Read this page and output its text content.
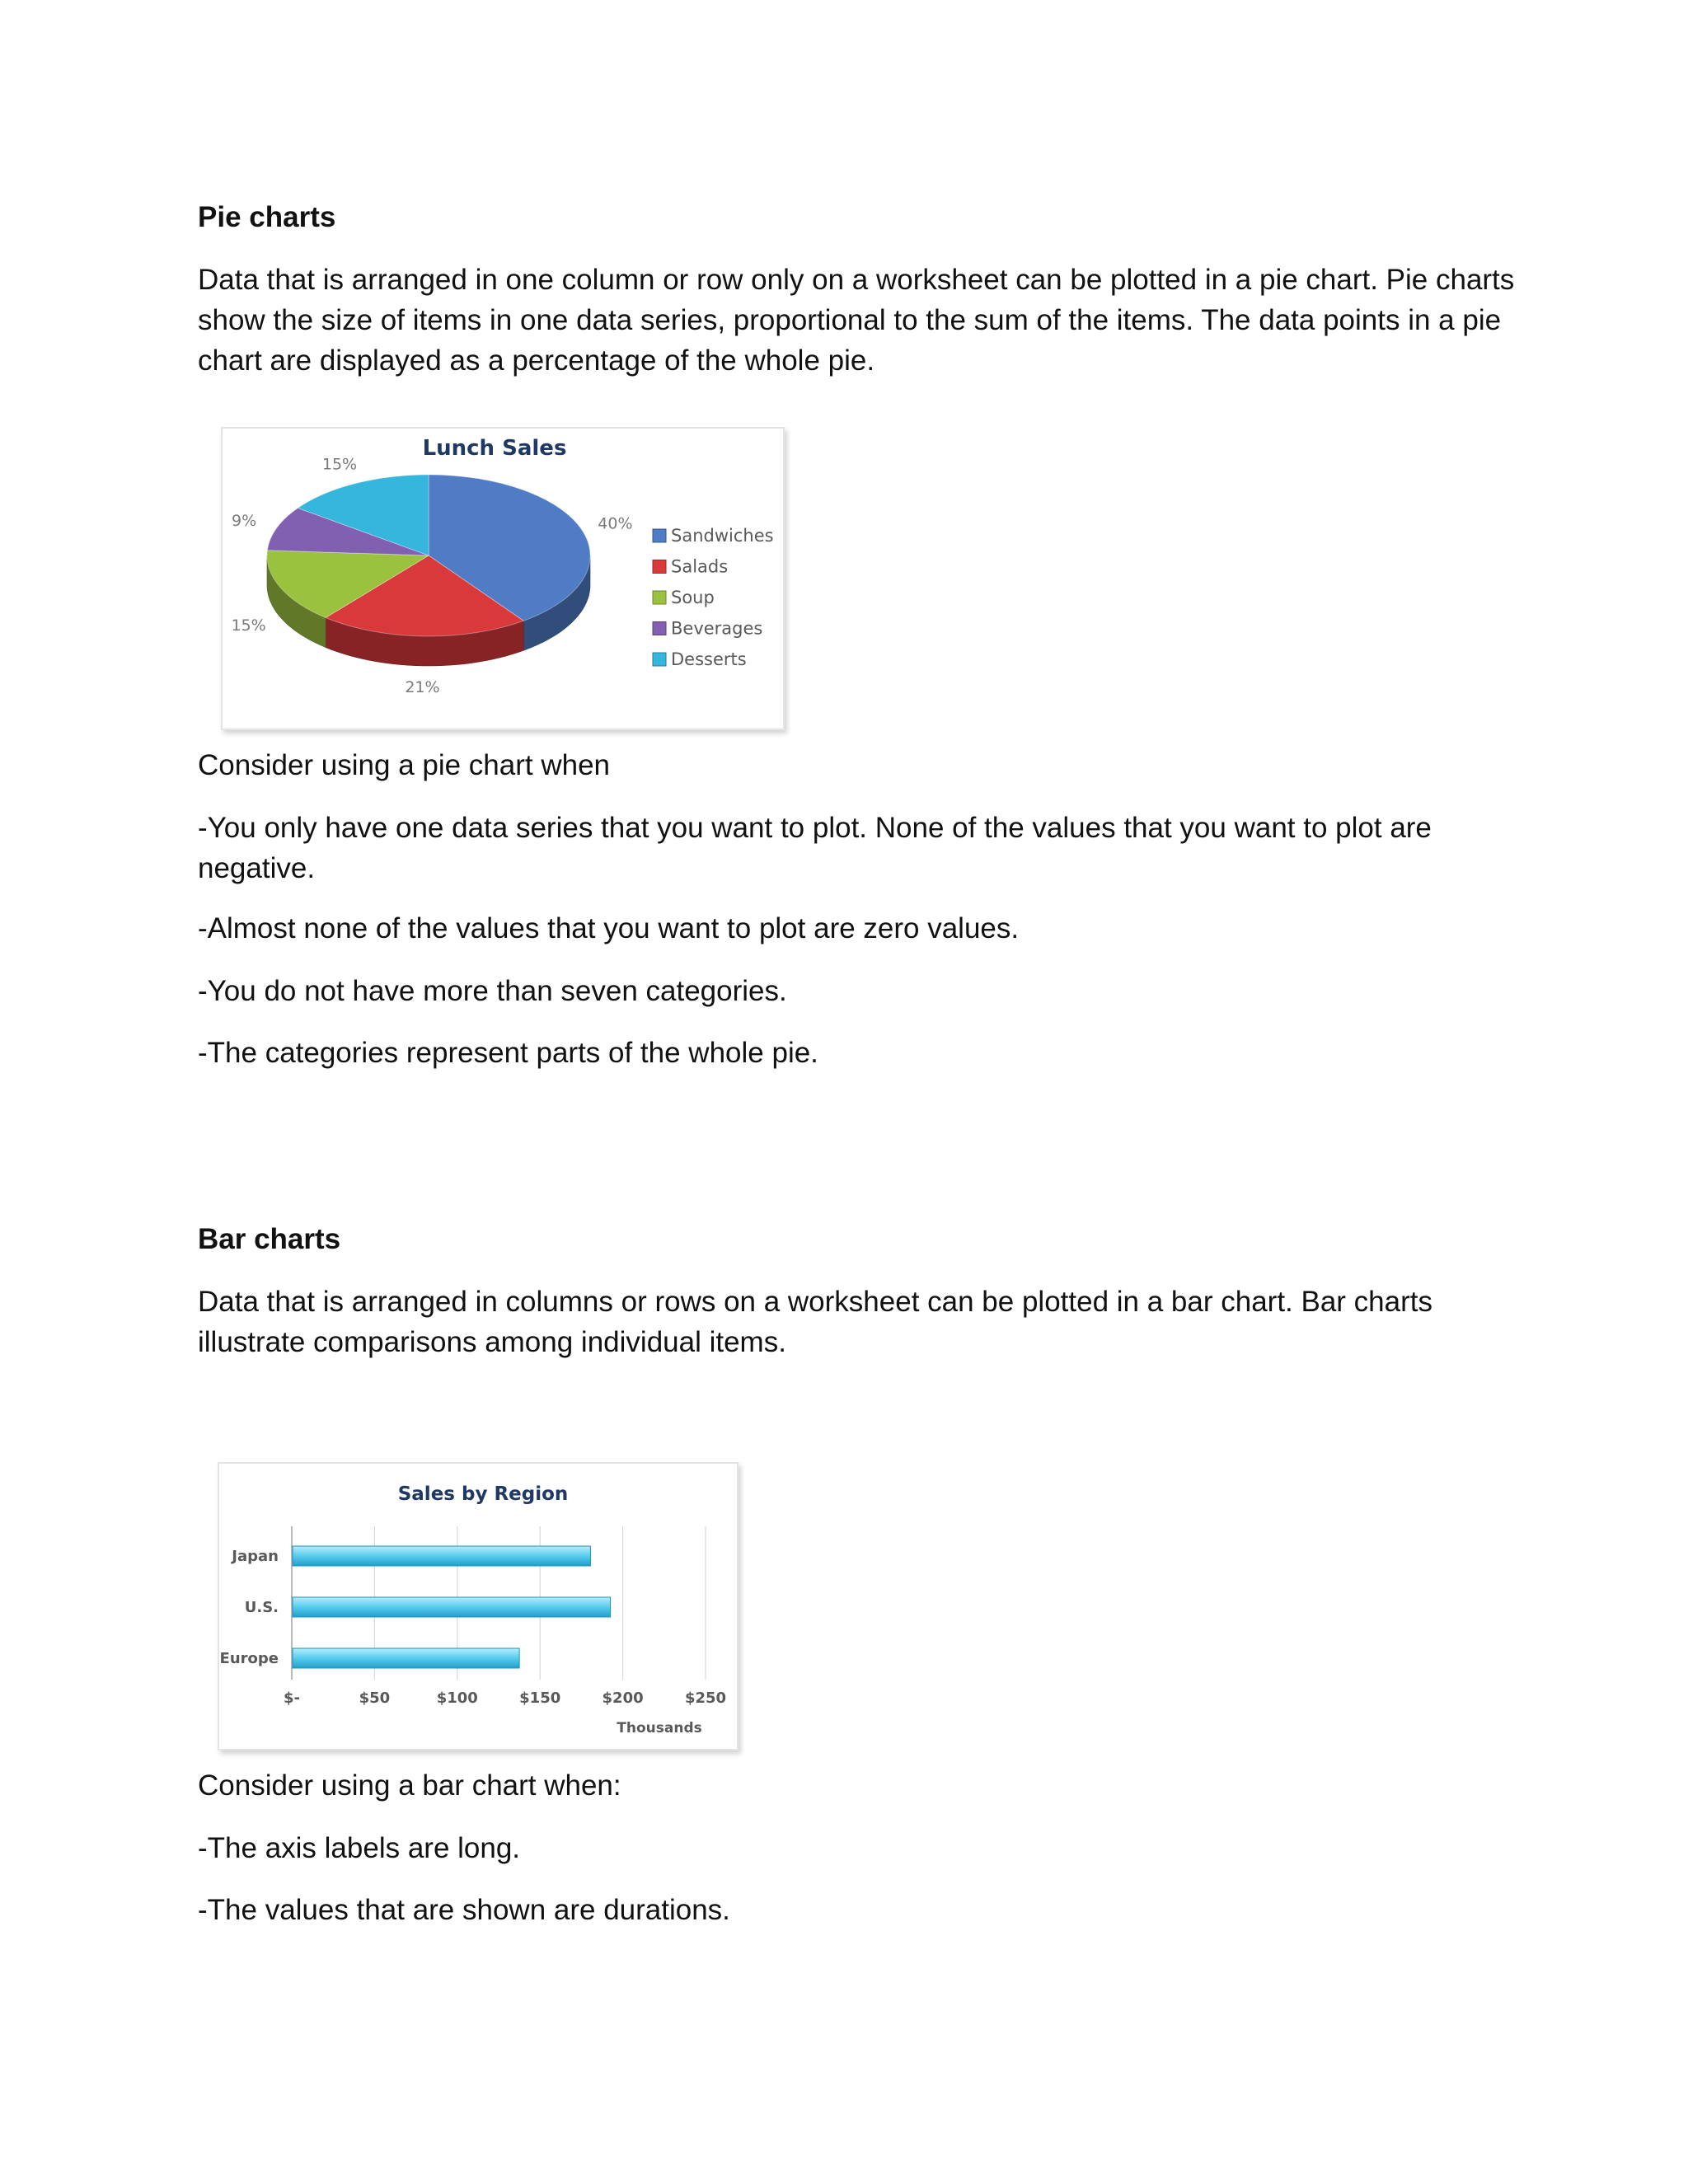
Pie charts

Data that is arranged in one column or row only on a worksheet can be plotted in a pie chart. Pie charts show the size of items in one data series, proportional to the sum of the items. The data points in a pie chart are displayed as a percentage of the whole pie.

Lunch Sales
40%
21%
15%
9%
15%
Sandwiches
Salads
Soup
Beverages
Desserts

Consider using a pie chart when

-You only have one data series that you want to plot. None of the values that you want to plot are negative.

-Almost none of the values that you want to plot are zero values.

-You do not have more than seven categories.

-The categories represent parts of the whole pie.

Bar charts

Data that is arranged in columns or rows on a worksheet can be plotted in a bar chart. Bar charts illustrate comparisons among individual items.

Sales by Region
$-	$50	$100	$150	$200	$250
Thousands
Japan
U.S.
Europe

Consider using a bar chart when:

-The axis labels are long.

-The values that are shown are durations.
